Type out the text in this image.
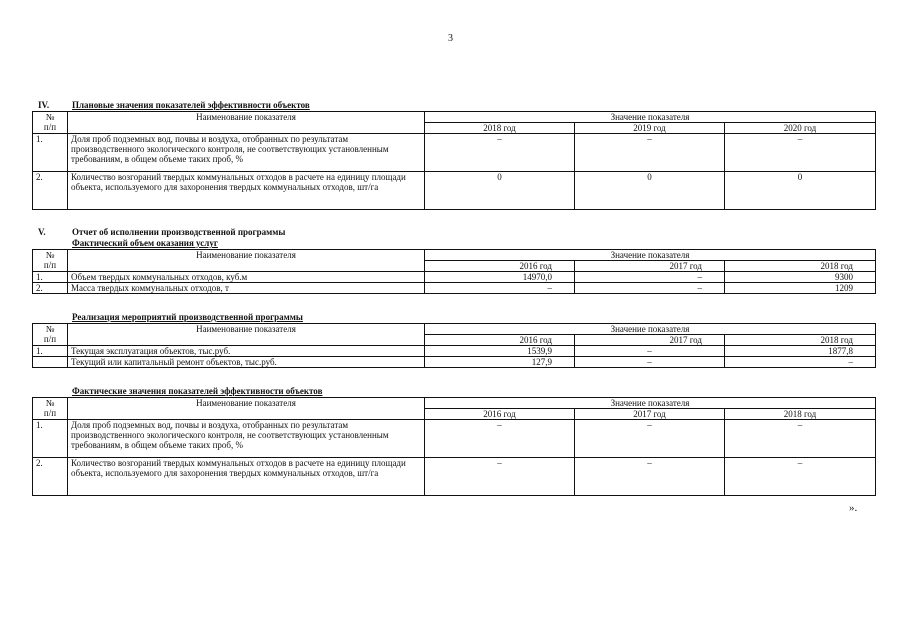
3
IV.	Плановые значения показателей эффективности объектов
№
п/п	Наименование показателя	Значение показателя		
		2018 год	2019 год	2020 год
1.	Доля проб подземных вод, почвы и воздуха, отобранных по результатам производственного экологического контроля, не соответствующих установленным требованиям, в общем объеме таких проб, %	–	–	–
2.	Количество возгораний твердых коммунальных отходов в расчете на единицу площади объекта, используемого для захоронения твердых коммунальных отходов, шт/га	0	0	0
V.	Отчет об исполнении производственной программы
Фактический объем оказания услуг
№
п/п	Наименование показателя	Значение показателя		
		2016 год	2017 год	2018 год
1.	Объем твердых коммунальных отходов, куб.м	14970,0	–	9300
2.	Масса твердых коммунальных отходов, т	–	–	1209
Реализация мероприятий производственной программы
№
п/п	Наименование показателя	Значение показателя		
		2016 год	2017 год	2018 год
1.	Текущая эксплуатация объектов, тыс.руб.	1539,9	–	1877,8
	Текущий или капитальный ремонт объектов, тыс.руб.	127,9	–	–
Фактические значения показателей эффективности объектов
№
п/п	Наименование показателя	Значение показателя		
		2016 год	2017 год	2018 год
1.	Доля проб подземных вод, почвы и воздуха, отобранных по результатам производственного экологического контроля, не соответствующих установленным требованиям, в общем объеме таких проб, %	–	–	–
2.	Количество возгораний твердых коммунальных отходов в расчете на единицу площади объекта, используемого для захоронения твердых коммунальных отходов, шт/га	–	–	–
».
